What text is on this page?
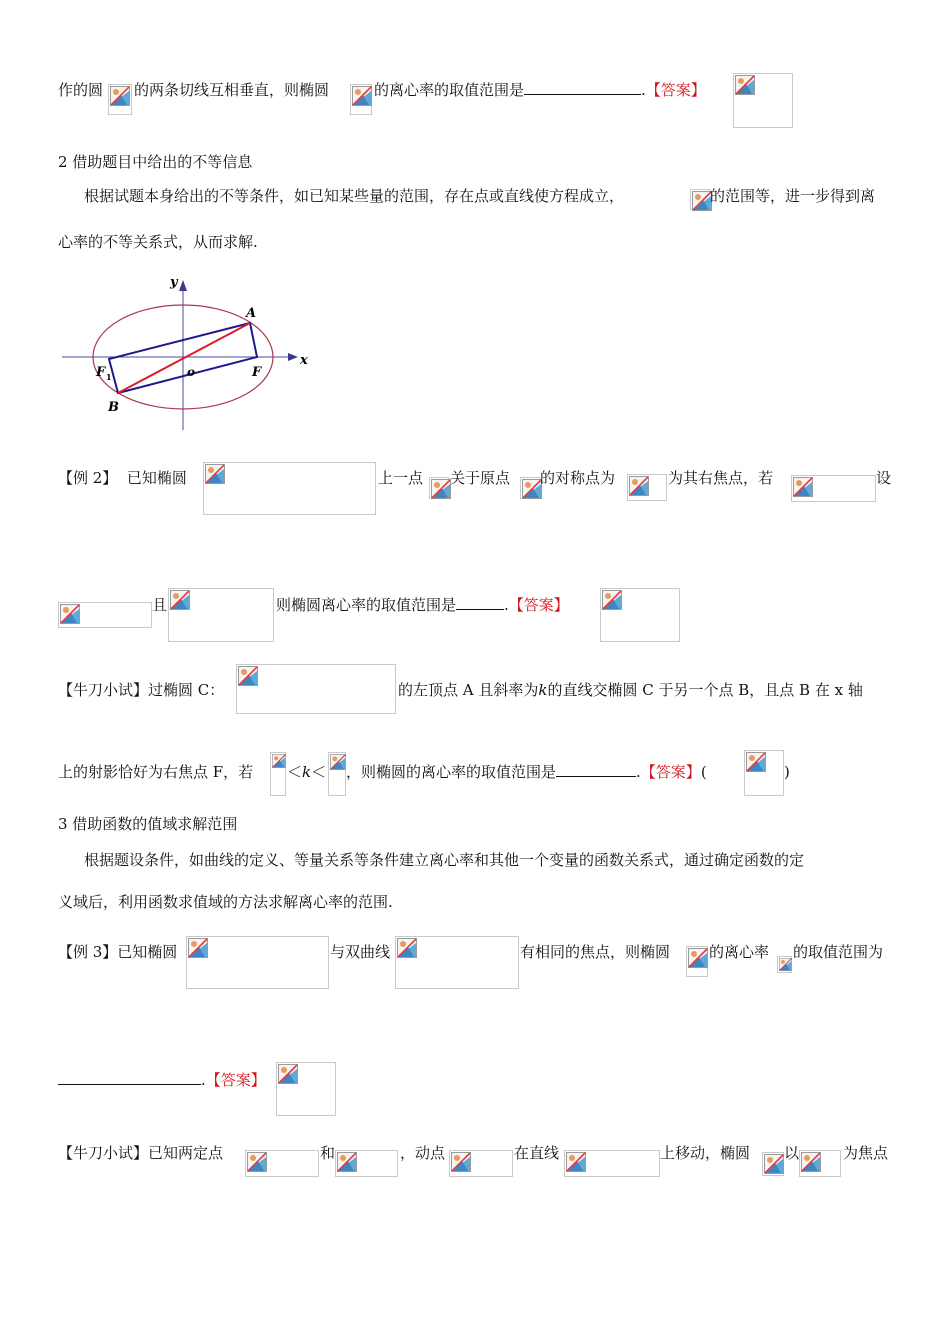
作的圆 的两条切线互相垂直，则椭圆	的离心率的取值范围是	.【答案】
2 借助题目中给出的不等信息
根据试题本身给出的不等条件，如已知某些量的范围，存在点或直线使方程成立，	的范围等，进一步得到离
心率的不等关系式，从而求解.
y
x
A
B
F
F 1	o
【例 2】 已知椭圆	上一点 关于原点 的对称点为	为其右焦点，若	设
且	则椭圆离心率的取值范围是	.【答案】
【牛刀小试】过椭圆 C：	的左顶点 A 且斜率为k的直线交椭圆 C 于另一个点 B，且点 B 在 x 轴
上的射影恰好为右焦点 F，若 ＜k＜ ，则椭圆的离心率的取值范围是	.【答案】(	)
3 借助函数的值域求解范围
根据题设条件，如曲线的定义、等量关系等条件建立离心率和其他一个变量的函数关系式，通过确定函数的定
义域后，利用函数求值域的方法求解离心率的范围.
【例 3】已知椭圆	与双曲线	有相同的焦点，则椭圆	的离心率 的取值范围为
.【答案】
【牛刀小试】已知两定点	和	，动点	在直线	上移动，椭圆 以	为焦点
